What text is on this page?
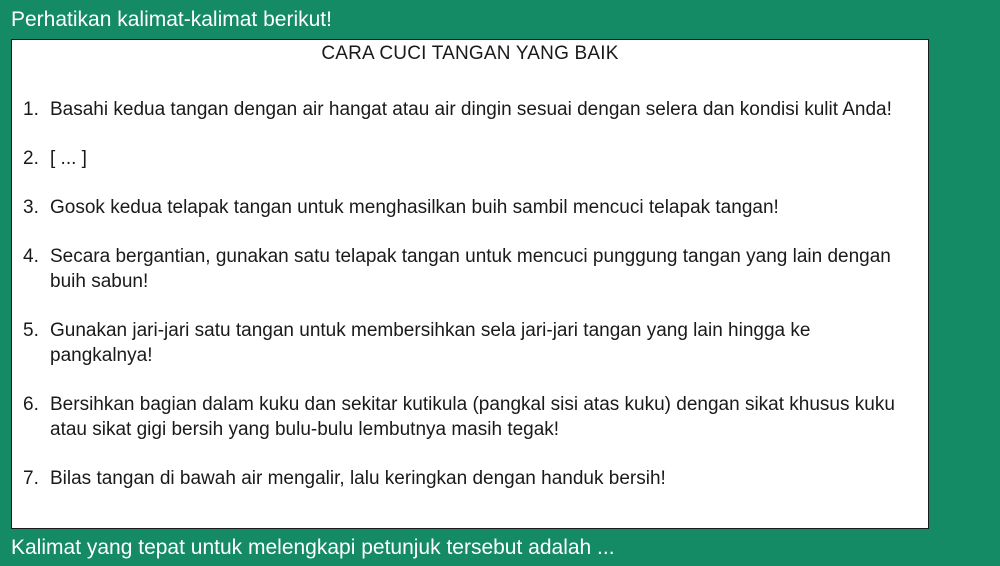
Perhatikan kalimat-kalimat berikut!
CARA CUCI TANGAN YANG BAIK
1. Basahi kedua tangan dengan air hangat atau air dingin sesuai dengan selera dan kondisi kulit Anda!
2. [ ... ]
3. Gosok kedua telapak tangan untuk menghasilkan buih sambil mencuci telapak tangan!
4. Secara bergantian, gunakan satu telapak tangan untuk mencuci punggung tangan yang lain dengan buih sabun!
5. Gunakan jari-jari satu tangan untuk membersihkan sela jari-jari tangan yang lain hingga ke pangkalnya!
6. Bersihkan bagian dalam kuku dan sekitar kutikula (pangkal sisi atas kuku) dengan sikat khusus kuku atau sikat gigi bersih yang bulu-bulu lembutnya masih tegak!
7. Bilas tangan di bawah air mengalir, lalu keringkan dengan handuk bersih!
Kalimat yang tepat untuk melengkapi petunjuk tersebut adalah ...
